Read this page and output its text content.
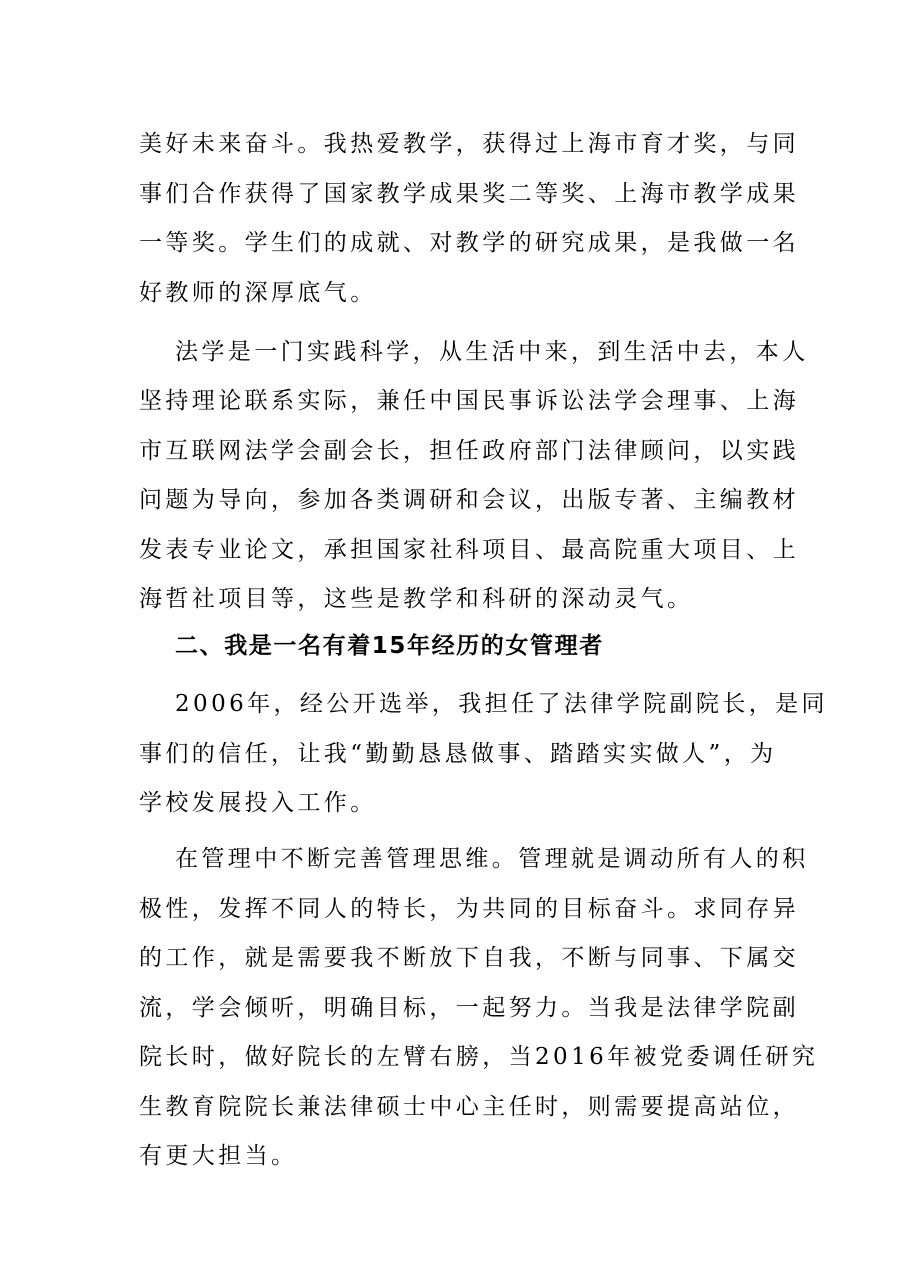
美好未来奋斗。我热爱教学，获得过上海市育才奖，与同
事们合作获得了国家教学成果奖二等奖、上海市教学成果
一等奖。学生们的成就、对教学的研究成果，是我做一名
好教师的深厚底气。
法学是一门实践科学，从生活中来，到生活中去，本人
坚持理论联系实际，兼任中国民事诉讼法学会理事、上海
市互联网法学会副会长，担任政府部门法律顾问，以实践
问题为导向，参加各类调研和会议，出版专著、主编教材
发表专业论文，承担国家社科项目、最高院重大项目、上
海哲社项目等，这些是教学和科研的深动灵气。
二、我是一名有着15年经历的女管理者
2006年，经公开选举，我担任了法律学院副院长，是同
事们的信任，让我“勤勤恳恳做事、踏踏实实做人”，为
学校发展投入工作。
在管理中不断完善管理思维。管理就是调动所有人的积
极性，发挥不同人的特长，为共同的目标奋斗。求同存异
的工作，就是需要我不断放下自我，不断与同事、下属交
流，学会倾听，明确目标，一起努力。当我是法律学院副
院长时，做好院长的左臂右膀，当2016年被党委调任研究
生教育院院长兼法律硕士中心主任时，则需要提高站位，
有更大担当。
